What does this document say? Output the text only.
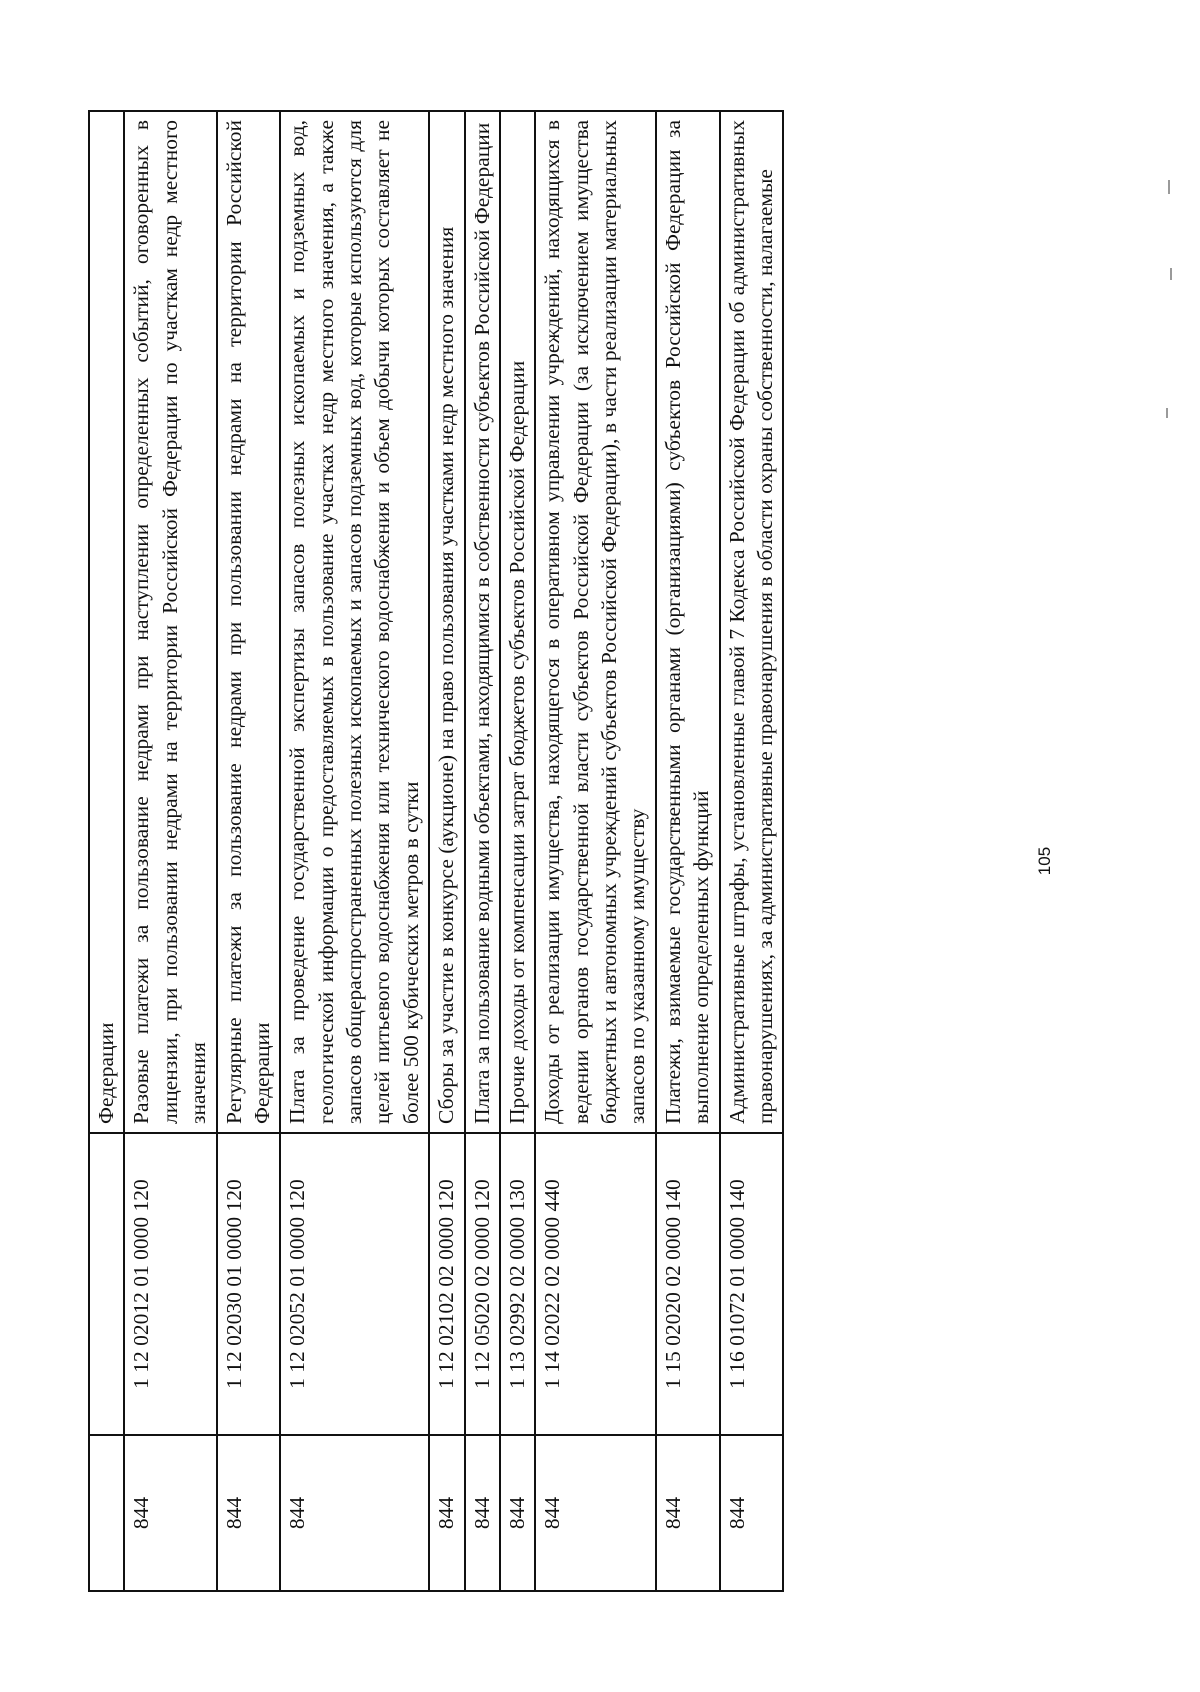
		Федерации
844	1 12 02012 01 0000 120	Разовые платежи за пользование недрами при наступлении определенных событий, оговоренных в лицензии, при пользовании недрами на территории Российской Федерации по участкам недр местного значения
844	1 12 02030 01 0000 120	Регулярные платежи за пользование недрами при пользовании недрами на территории Российской Федерации
844	1 12 02052 01 0000 120	Плата за проведение государственной экспертизы запасов полезных ископаемых и подземных вод, геологической информации о предоставляемых в пользование участках недр местного значения, а также запасов общераспространенных полезных ископаемых и запасов подземных вод, которые используются для целей питьевого водоснабжения или технического водоснабжения и объем добычи которых составляет не более 500 кубических метров в сутки
844	1 12 02102 02 0000 120	Сборы за участие в конкурсе (аукционе) на право пользования участками недр местного значения
844	1 12 05020 02 0000 120	Плата за пользование водными объектами, находящимися в собственности субъектов Российской Федерации
844	1 13 02992 02 0000 130	Прочие доходы от компенсации затрат бюджетов субъектов Российской Федерации
844	1 14 02022 02 0000 440	Доходы от реализации имущества, находящегося в оперативном управлении учреждений, находящихся в ведении органов государственной власти субъектов Российской Федерации (за исключением имущества бюджетных и автономных учреждений субъектов Российской Федерации), в части реализации материальных запасов по указанному имуществу
844	1 15 02020 02 0000 140	Платежи, взимаемые государственными органами (организациями) субъектов Российской Федерации за выполнение определенных функций
844	1 16 01072 01 0000 140	Административные штрафы, установленные главой 7 Кодекса Российской Федерации об административных правонарушениях, за административные правонарушения в области охраны собственности, налагаемые	105
